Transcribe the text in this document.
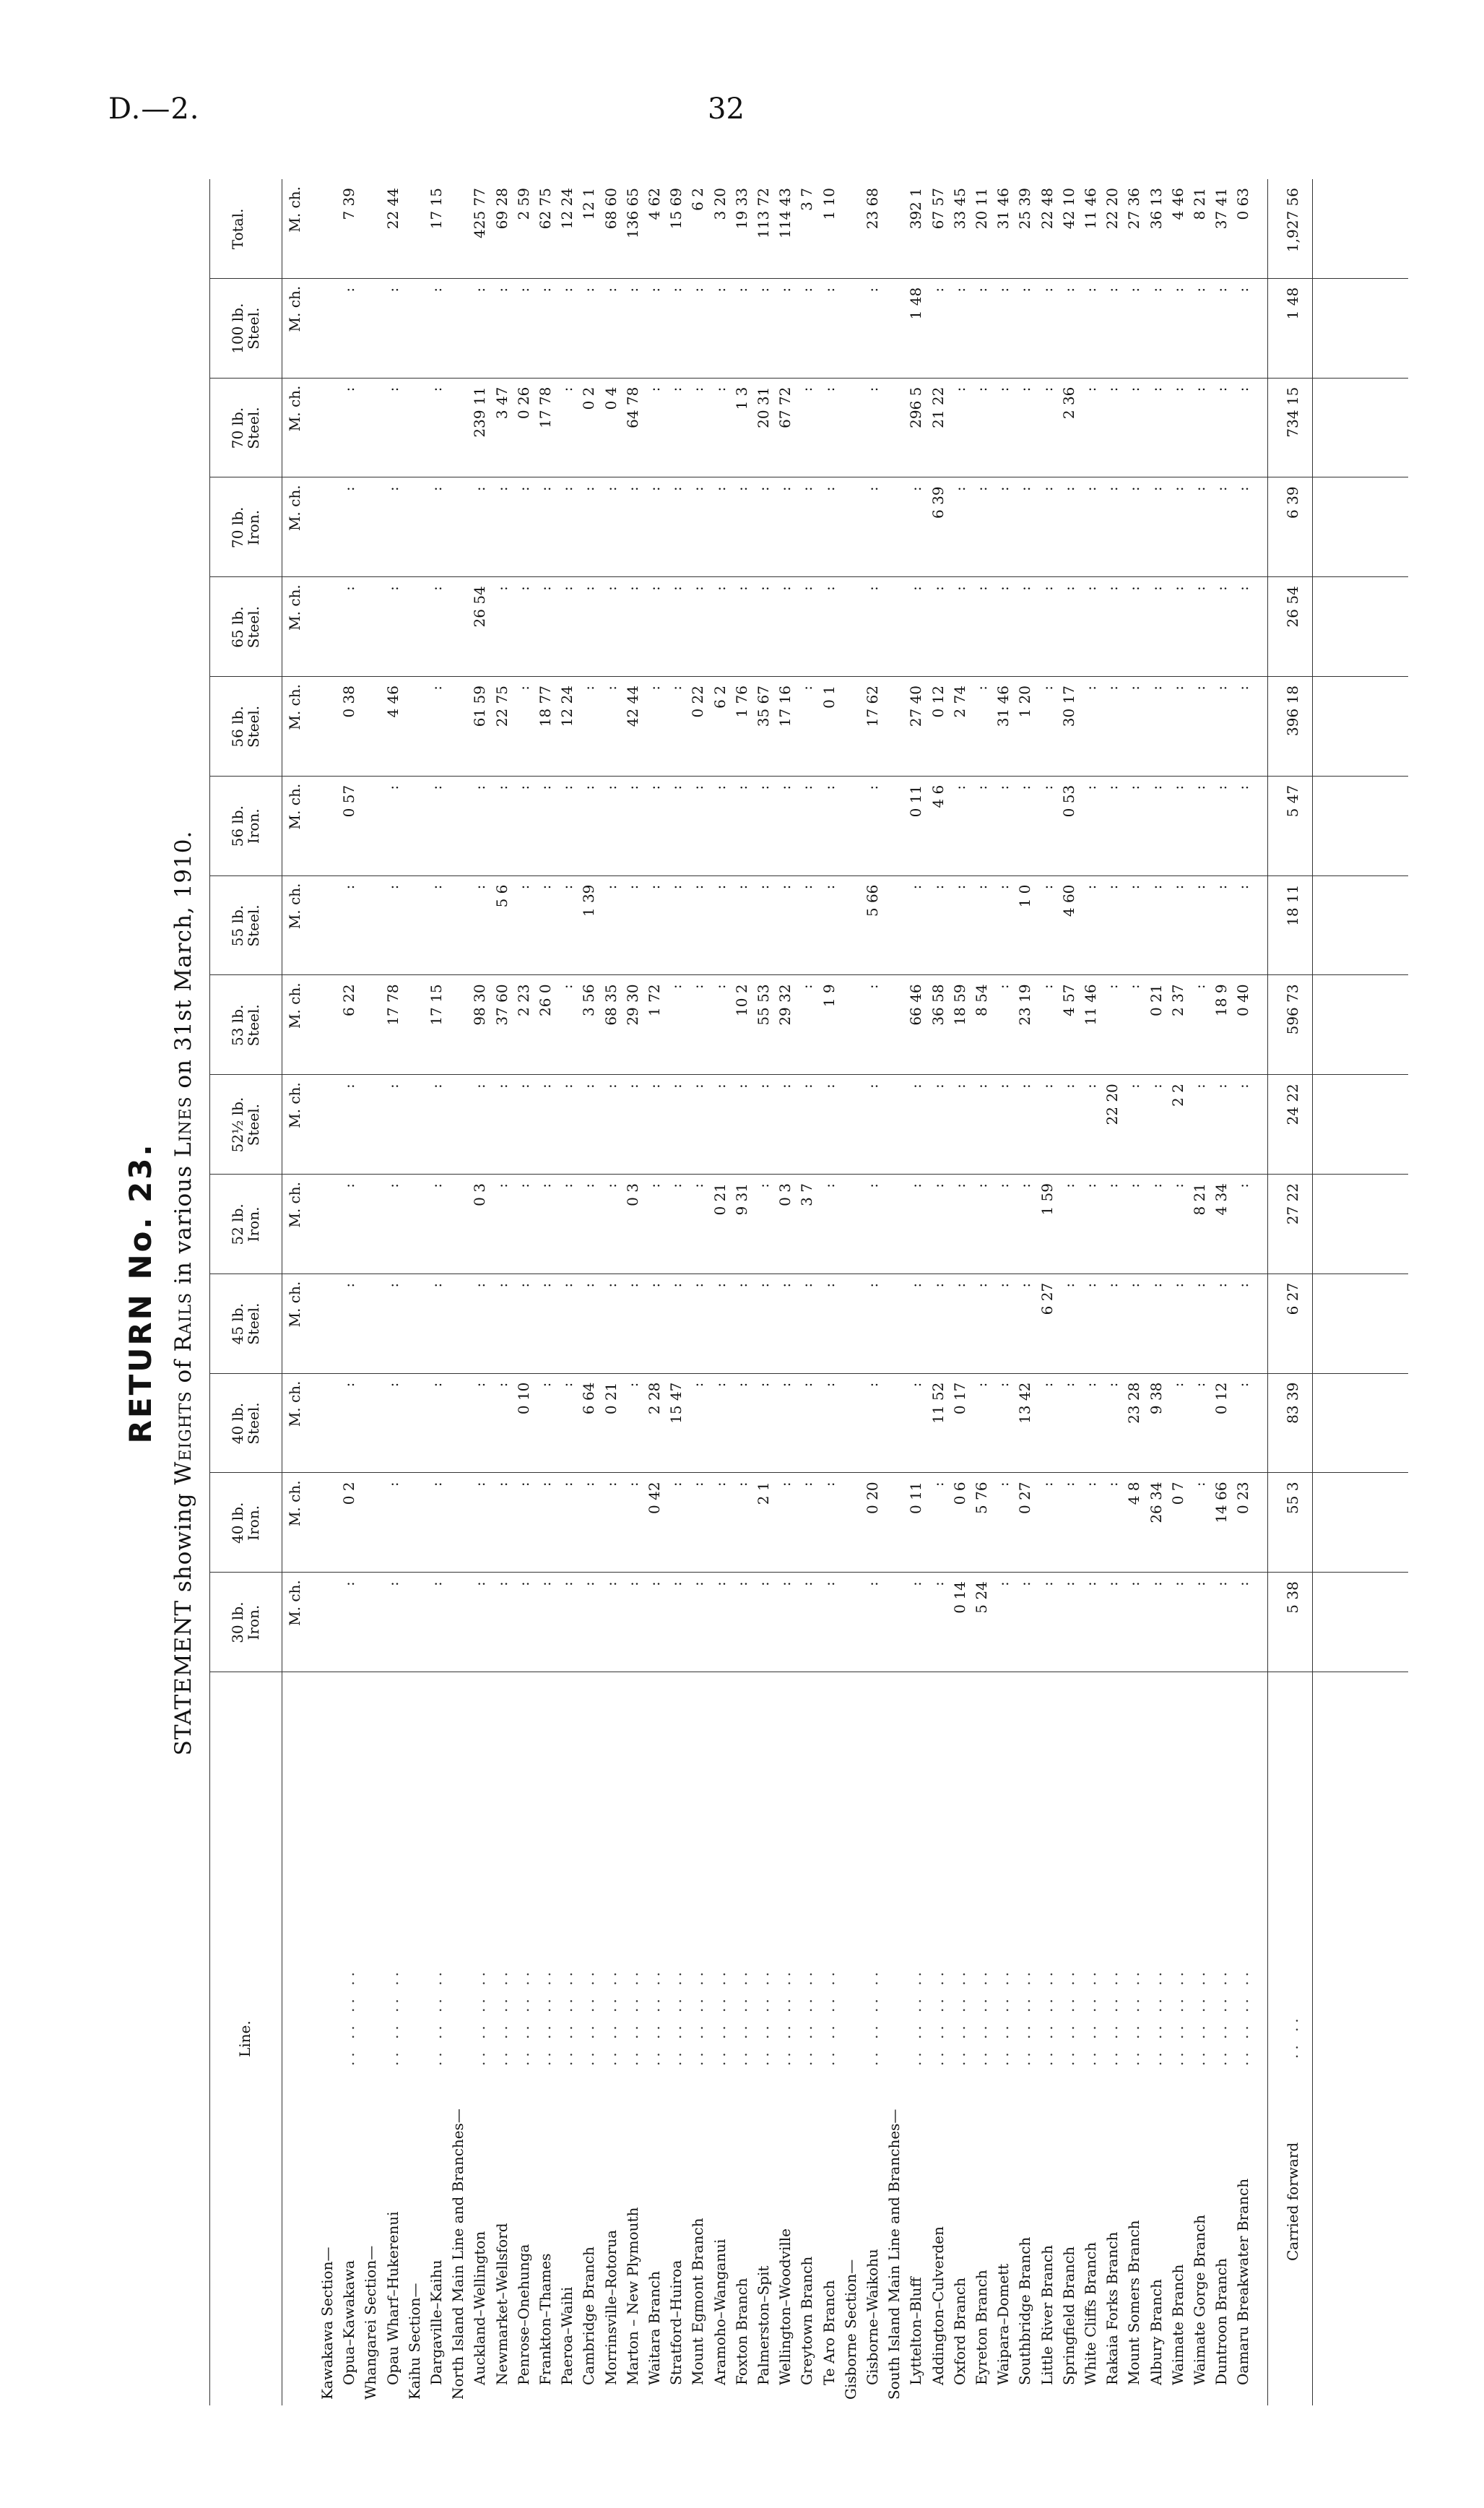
D.—2.	32
RETURN No. 23.
STATEMENT showing Weights of Rails in various Lines on 31st March, 1910.
Line.
30 lb.
Iron. M. ch.
40 lb.
Iron. M. ch.
40 lb.
Steel. M. ch.
45 lb.
Steel. M. ch.
52 lb.
Iron. M. ch.
52½ lb.
Steel. M. ch.
53 lb.
Steel. M. ch.
55 lb.
Steel. M. ch.
56 lb.
Iron. M. ch.
56 lb.
Steel. M. ch.
65 lb.
Steel. M. ch.
70 lb.
Iron. M. ch.
70 lb.
Steel. M. ch.
100 lb.
Steel. M. ch.
Total.	M. ch.
Kawakawa Section— Opua–Kawakawa
.. .. .. ..
:
0 2
:
:
:
:
6 22
:
0 57
0 38
:
:
:
:
7 39
Whangarei Section— Opau Wharf–Hukerenui
.. .. .. ..
:
:
:
:
:
:
17 78
:
:
4 46
:
:
:
:
22 44
Kaihu Section— Dargaville–Kaihu
.. .. .. ..
:
:
:
:
:
:
17 15
:
:
:
:
:
:
:
17 15
North Island Main Line and Branches— Auckland–Wellington
.. .. .. ..
:
:
:
:
0 3
:
98 30
:
:
61 59
26 54
:
239 11
:
425 77
Newmarket–Wellsford
.. .. .. ..
:
:
:
:
:
:
37 60
5 6
:
22 75
:
:
3 47
:
69 28
Penrose–Onehunga
.. .. .. ..
:
:
0 10
:
:
:
2 23
:
:
:
:
:
0 26
:
2 59
Frankton–Thames
.. .. .. ..
:
:
:
:
:
:
26 0
:
:
18 77
:
:
17 78
:
62 75
Paeroa–Waihi
.. .. .. ..
:
:
:
:
:
:
:
:
:
12 24
:
:
:
:
12 24
Cambridge Branch
.. .. .. ..
:
:
6 64
:
:
:
3 56
1 39
:
:
:
:
0 2
:
12 1
Morrinsville–Rotorua
.. .. .. ..
:
:
0 21
:
:
:
68 35
:
:
:
:
:
0 4
:
68 60
Marton – New Plymouth
.. .. .. ..
:
:
:
:
0 3
:
29 30
:
:
42 44
:
:
64 78
:
136 65
Waitara Branch
.. .. .. ..
:
0 42
2 28
:
:
:
1 72
:
:
:
:
:
:
:
4 62
Stratford–Huiroa
.. .. .. ..
:
:
15 47
:
:
:
:
:
:
:
:
:
:
:
15 69
Mount Egmont Branch
.. .. .. ..
:
:
:
:
:
:
:
:
:
0 22
:
:
:
:
6 2
Aramoho–Wanganui
.. .. .. ..
:
:
:
:
0 21
:
:
:
:
6 2
:
:
:
:
3 20
Foxton Branch
.. .. .. ..
:
:
:
:
9 31
:
10 2
:
:
1 76
:
:
1 3
:
19 33
Palmerston–Spit
.. .. .. ..
:
2 1
:
:
:
:
55 53
:
:
35 67
:
:
20 31
:
113 72
Wellington–Woodville
.. .. .. ..
:
:
:
:
0 3
:
29 32
:
:
17 16
:
:
67 72
:
114 43
Greytown Branch
.. .. .. ..
:
:
:
:
3 7
:
:
:
:
:
:
:
:
:
3 7
Te Aro Branch
.. .. .. ..
:
:
:
:
:
:
1 9
:
:
0 1
:
:
:
:
1 10
Gisborne Section— Gisborne–Waikohu
.. .. .. ..
:
0 20
:
:
:
:
:
5 66
:
17 62
:
:
:
:
23 68
South Island Main Line and Branches— Lyttelton–Bluff
.. .. .. ..
:
0 11
:
:
:
:
66 46
:
0 11
27 40
:
:
296 5
1 48
392 1
Addington–Culverden
.. .. .. ..
:
:
11 52
:
:
:
36 58
:
4 6
0 12
:
6 39
21 22
:
67 57
Oxford Branch
.. .. .. ..
0 14
0 6
0 17
:
:
:
18 59
:
:
2 74
:
:
:
:
33 45
Eyreton Branch
.. .. .. ..
5 24
5 76
:
:
:
:
8 54
:
:
:
:
:
:
:
20 11
Waipara–Domett
.. .. .. ..
:
:
:
:
:
:
:
:
:
31 46
:
:
:
:
31 46
Southbridge Branch
.. .. .. ..
:
0 27
13 42
:
:
:
23 19
1 0
:
1 20
:
:
:
:
25 39
Little River Branch
.. .. .. ..
:
:
:
6 27
1 59
:
:
:
:
:
:
:
:
:
22 48
Springfield Branch
.. .. .. ..
:
:
:
:
:
:
4 57
4 60
0 53
30 17
:
:
2 36
:
42 10
White Cliffs Branch
.. .. .. ..
:
:
:
:
:
:
11 46
:
:
:
:
:
:
:
11 46
Rakaia Forks Branch
.. .. .. ..
:
:
:
:
:
22 20
:
:
:
:
:
:
:
:
22 20
Mount Somers Branch
.. .. .. ..
:
4 8
23 28
:
:
:
:
:
:
:
:
:
:
:
27 36
Albury Branch
.. .. .. ..
:
26 34
9 38
:
:
:
0 21
:
:
:
:
:
:
:
36 13
Waimate Branch
.. .. .. ..
:
0 7
:
:
:
2 2
2 37
:
:
:
:
:
:
:
4 46
Waimate Gorge Branch
.. .. .. ..
:
:
:
:
8 21
:
:
:
:
:
:
:
:
:
8 21
Duntroon Branch
.. .. .. ..
:
14 66
0 12
:
4 34
:
18 9
:
:
:
:
:
:
:
37 41
Oamaru Breakwater Branch
.. .. .. ..
:
0 23
:
:
:
:
0 40
:
:
:
:
:
:
:
0 63
Carried forward
.. ..
5 38
55 3
83 39
6 27
27 22
24 22
596 73
18 11
5 47
396 18
26 54
6 39
734 15
1 48
1,927 56
